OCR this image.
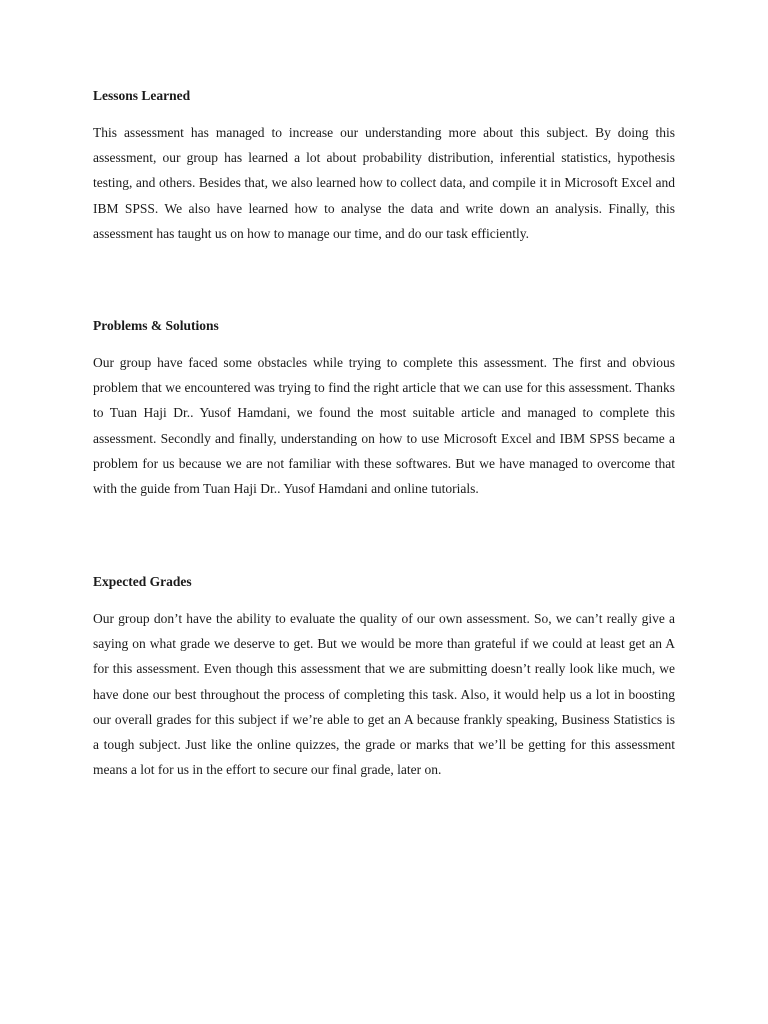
Lessons Learned

This assessment has managed to increase our understanding more about this subject. By doing this assessment, our group has learned a lot about probability distribution, inferential statistics, hypothesis testing, and others. Besides that, we also learned how to collect data, and compile it in Microsoft Excel and IBM SPSS. We also have learned how to analyse the data and write down an analysis. Finally, this assessment has taught us on how to manage our time, and do our task efficiently.

Problems & Solutions

Our group have faced some obstacles while trying to complete this assessment. The first and obvious problem that we encountered was trying to find the right article that we can use for this assessment. Thanks to Tuan Haji Dr.. Yusof Hamdani, we found the most suitable article and managed to complete this assessment. Secondly and finally, understanding on how to use Microsoft Excel and IBM SPSS became a problem for us because we are not familiar with these softwares. But we have managed to overcome that with the guide from Tuan Haji Dr.. Yusof Hamdani and online tutorials.

Expected Grades

Our group don’t have the ability to evaluate the quality of our own assessment. So, we can’t really give a saying on what grade we deserve to get. But we would be more than grateful if we could at least get an A for this assessment. Even though this assessment that we are submitting doesn’t really look like much, we have done our best throughout the process of completing this task. Also, it would help us a lot in boosting our overall grades for this subject if we’re able to get an A because frankly speaking, Business Statistics is a tough subject. Just like the online quizzes, the grade or marks that we’ll be getting for this assessment means a lot for us in the effort to secure our final grade, later on.
